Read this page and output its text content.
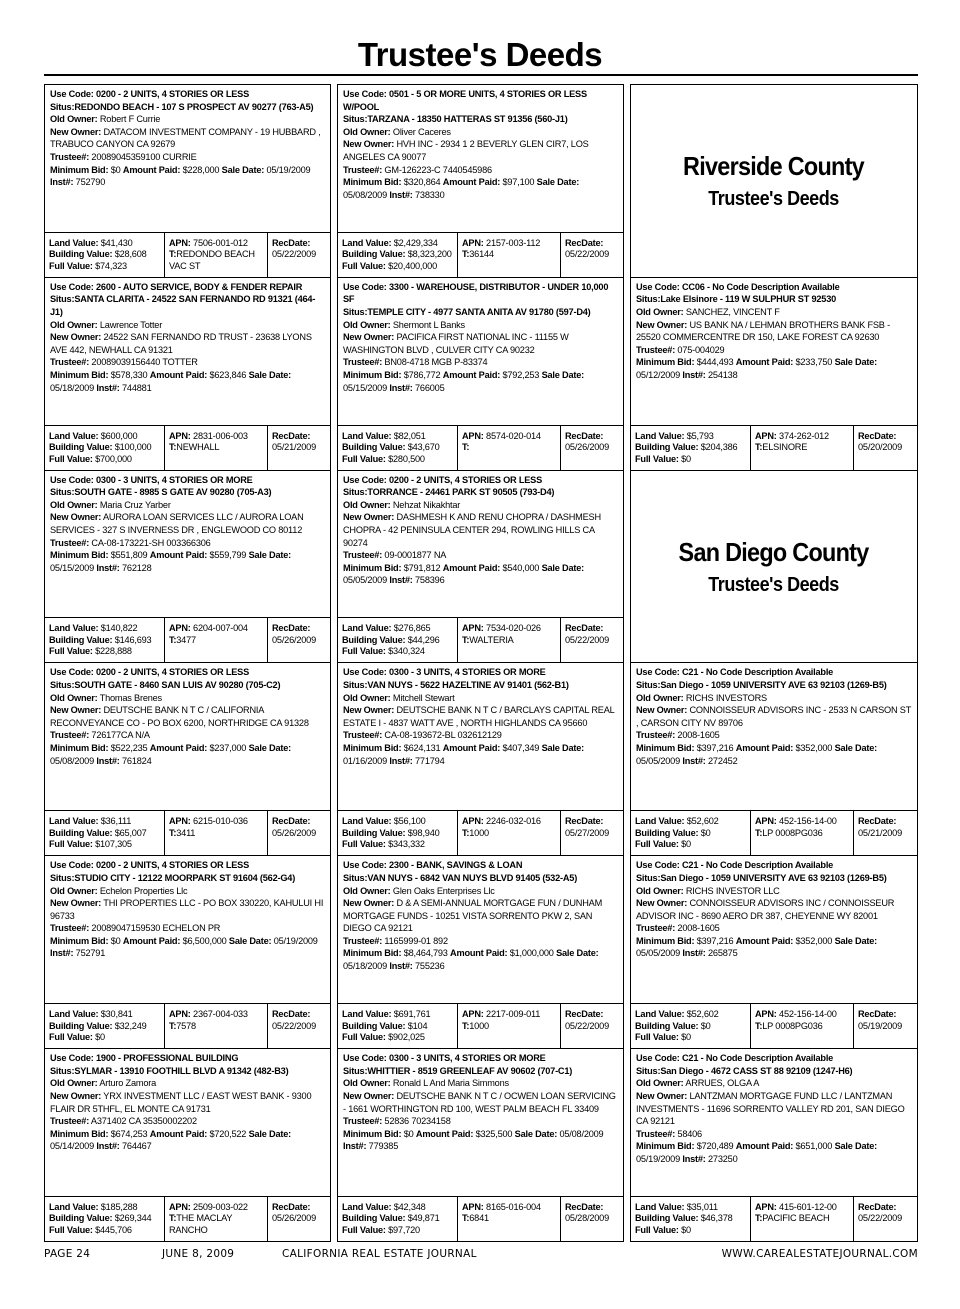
Trustee's Deeds
Use Code: 0200 - 2 UNITS, 4 STORIES OR LESS
Situs:REDONDO BEACH - 107 S PROSPECT AV 90277 (763-A5)
Old Owner: Robert F Currie
New Owner: DATACOM INVESTMENT COMPANY - 19 HUBBARD , TRABUCO CANYON CA 92679
Trustee#: 20089045359100 CURRIE
Minimum Bid: $0 Amount Paid: $228,000 Sale Date: 05/19/2009 Inst#: 752790
Land Value: $41,430
Building Value: $28,608
Full Value: $74,323
APN: 7506-001-012
T:REDONDO BEACH VAC ST
RecDate:
05/22/2009
Use Code: 2600 - AUTO SERVICE, BODY & FENDER REPAIR
Situs:SANTA CLARITA - 24522 SAN FERNANDO RD 91321 (464-J1)
Old Owner: Lawrence Totter
New Owner: 24522 SAN FERNANDO RD TRUST - 23638 LYONS AVE 442, NEWHALL CA 91321
Trustee#: 20089039156440 TOTTER
Minimum Bid: $578,330 Amount Paid: $623,846 Sale Date: 05/18/2009 Inst#: 744881
Land Value: $600,000
Building Value: $100,000
Full Value: $700,000
APN: 2831-006-003
T:NEWHALL
RecDate:
05/21/2009
Use Code: 0300 - 3 UNITS, 4 STORIES OR MORE
Situs:SOUTH GATE - 8985 S GATE AV 90280 (705-A3)
Old Owner: Maria Cruz Yarber
New Owner: AURORA LOAN SERVICES LLC / AURORA LOAN SERVICES - 327 S INVERNESS DR , ENGLEWOOD CO 80112
Trustee#: CA-08-173221-SH 003366306
Minimum Bid: $551,809 Amount Paid: $559,799 Sale Date: 05/15/2009 Inst#: 762128
Land Value: $140,822
Building Value: $146,693
Full Value: $228,888
APN: 6204-007-004
T:3477
RecDate:
05/26/2009
Use Code: 0200 - 2 UNITS, 4 STORIES OR LESS
Situs:SOUTH GATE - 8460 SAN LUIS AV 90280 (705-C2)
Old Owner: Thomas Brenes
New Owner: DEUTSCHE BANK N T C / CALIFORNIA RECONVEYANCE CO - PO BOX 6200, NORTHRIDGE CA 91328
Trustee#: 726177CA N/A
Minimum Bid: $522,235 Amount Paid: $237,000 Sale Date: 05/08/2009 Inst#: 761824
Land Value: $36,111
Building Value: $65,007
Full Value: $107,305
APN: 6215-010-036
T:3411
RecDate:
05/26/2009
Use Code: 0200 - 2 UNITS, 4 STORIES OR LESS
Situs:STUDIO CITY - 12122 MOORPARK ST 91604 (562-G4)
Old Owner: Echelon Properties Llc
New Owner: THI PROPERTIES LLC - PO BOX 330220, KAHULUI HI 96733
Trustee#: 20089047159530 ECHELON PR
Minimum Bid: $0 Amount Paid: $6,500,000 Sale Date: 05/19/2009 Inst#: 752791
Land Value: $30,841
Building Value: $32,249
Full Value: $0
APN: 2367-004-033
T:7578
RecDate:
05/22/2009
Use Code: 1900 - PROFESSIONAL BUILDING
Situs:SYLMAR - 13910 FOOTHILL BLVD A 91342 (482-B3)
Old Owner: Arturo Zamora
New Owner: YRX INVESTMENT LLC / EAST WEST BANK - 9300 FLAIR DR 5THFL, EL MONTE CA 91731
Trustee#: A371402 CA 35350002202
Minimum Bid: $674,253 Amount Paid: $720,522 Sale Date: 05/14/2009 Inst#: 764467
Land Value: $185,288
Building Value: $269,344
Full Value: $445,706
APN: 2509-003-022
T:THE MACLAY RANCHO
RecDate:
05/26/2009
Use Code: 0501 - 5 OR MORE UNITS, 4 STORIES OR LESS W/POOL
Situs:TARZANA - 18350 HATTERAS ST 91356 (560-J1)
Old Owner: Oliver Caceres
New Owner: HVH INC - 2934 1 2 BEVERLY GLEN CIR7, LOS ANGELES CA 90077
Trustee#: GM-126223-C 7440545986
Minimum Bid: $320,864 Amount Paid: $97,100 Sale Date: 05/08/2009 Inst#: 738330
Land Value: $2,429,334
Building Value: $8,323,200
Full Value: $20,400,000
APN: 2157-003-112
T:36144
RecDate:
05/22/2009
Use Code: 3300 - WAREHOUSE, DISTRIBUTOR - UNDER 10,000 SF
Situs:TEMPLE CITY - 4977 SANTA ANITA AV 91780 (597-D4)
Old Owner: Shermont L Banks
New Owner: PACIFICA FIRST NATIONAL INC - 11155 W WASHINGTON BLVD , CULVER CITY CA 90232
Trustee#: BN08-4718 MGB P-83374
Minimum Bid: $786,772 Amount Paid: $792,253 Sale Date: 05/15/2009 Inst#: 766005
Land Value: $82,051
Building Value: $43,670
Full Value: $280,500
APN: 8574-020-014
T:
RecDate:
05/26/2009
Use Code: 0200 - 2 UNITS, 4 STORIES OR LESS
Situs:TORRANCE - 24461 PARK ST 90505 (793-D4)
Old Owner: Nehzat Nikakhtar
New Owner: DASHMESH K AND RENU CHOPRA / DASHMESH CHOPRA - 42 PENINSULA CENTER 294, ROWLING HILLS CA 90274
Trustee#: 09-0001877 NA
Minimum Bid: $791,812 Amount Paid: $540,000 Sale Date: 05/05/2009 Inst#: 758396
Land Value: $276,865
Building Value: $44,296
Full Value: $340,324
APN: 7534-020-026
T:WALTERIA
RecDate:
05/22/2009
Use Code: 0300 - 3 UNITS, 4 STORIES OR MORE
Situs:VAN NUYS - 5622 HAZELTINE AV 91401 (562-B1)
Old Owner: Mitchell Stewart
New Owner: DEUTSCHE BANK N T C / BARCLAYS CAPITAL REAL ESTATE I - 4837 WATT AVE , NORTH HIGHLANDS CA 95660
Trustee#: CA-08-193672-BL 032612129
Minimum Bid: $624,131 Amount Paid: $407,349 Sale Date: 01/16/2009 Inst#: 771794
Land Value: $56,100
Building Value: $98,940
Full Value: $343,332
APN: 2246-032-016
T:1000
RecDate:
05/27/2009
Use Code: 2300 - BANK, SAVINGS & LOAN
Situs:VAN NUYS - 6842 VAN NUYS BLVD 91405 (532-A5)
Old Owner: Glen Oaks Enterprises Llc
New Owner: D & A SEMI-ANNUAL MORTGAGE FUN / DUNHAM MORTGAGE FUNDS - 10251 VISTA SORRENTO PKW 2, SAN DIEGO CA 92121
Trustee#: 1165999-01 892
Minimum Bid: $8,464,793 Amount Paid: $1,000,000 Sale Date: 05/18/2009 Inst#: 755236
Land Value: $691,761
Building Value: $104
Full Value: $902,025
APN: 2217-009-011
T:1000
RecDate:
05/22/2009
Use Code: 0300 - 3 UNITS, 4 STORIES OR MORE
Situs:WHITTIER - 8519 GREENLEAF AV 90602 (707-C1)
Old Owner: Ronald L And Maria Simmons
New Owner: DEUTSCHE BANK N T C / OCWEN LOAN SERVICING - 1661 WORTHINGTON RD 100, WEST PALM BEACH FL 33409
Trustee#: 52836 70234158
Minimum Bid: $0 Amount Paid: $325,500 Sale Date: 05/08/2009 Inst#: 779385
Land Value: $42,348
Building Value: $49,871
Full Value: $97,720
APN: 8165-016-004
T:6841
RecDate:
05/28/2009
Riverside County
Trustee's Deeds
Use Code: CC06 - No Code Description Available
Situs:Lake Elsinore - 119 W SULPHUR ST 92530
Old Owner: SANCHEZ, VINCENT F
New Owner: US BANK NA / LEHMAN BROTHERS BANK FSB - 25520 COMMERCENTRE DR 150, LAKE FOREST CA 92630
Trustee#: 075-004029
Minimum Bid: $444,493 Amount Paid: $233,750 Sale Date: 05/12/2009 Inst#: 254138
Land Value: $5,793
Building Value: $204,386
Full Value: $0
APN: 374-262-012
T:ELSINORE
RecDate:
05/20/2009
San Diego County
Trustee's Deeds
Use Code: C21 - No Code Description Available
Situs:San Diego - 1059 UNIVERSITY AVE 63 92103 (1269-B5)
Old Owner: RICHS INVESTORS
New Owner: CONNOISSEUR ADVISORS INC - 2533 N CARSON ST , CARSON CITY NV 89706
Trustee#: 2008-1605
Minimum Bid: $397,216 Amount Paid: $352,000 Sale Date: 05/05/2009 Inst#: 272452
Land Value: $52,602
Building Value: $0
Full Value: $0
APN: 452-156-14-00
T:LP 0008PG036
RecDate:
05/21/2009
Use Code: C21 - No Code Description Available
Situs:San Diego - 1059 UNIVERSITY AVE 63 92103 (1269-B5)
Old Owner: RICHS INVESTOR LLC
New Owner: CONNOISSEUR ADVISORS INC / CONNOISSEUR ADVISOR INC - 8690 AERO DR 387, CHEYENNE WY 82001
Trustee#: 2008-1605
Minimum Bid: $397,216 Amount Paid: $352,000 Sale Date: 05/05/2009 Inst#: 265875
Land Value: $52,602
Building Value: $0
Full Value: $0
APN: 452-156-14-00
T:LP 0008PG036
RecDate:
05/19/2009
Use Code: C21 - No Code Description Available
Situs:San Diego - 4672 CASS ST 88 92109 (1247-H6)
Old Owner: ARRUES, OLGA A
New Owner: LANTZMAN MORTGAGE FUND LLC / LANTZMAN INVESTMENTS - 11696 SORRENTO VALLEY RD 201, SAN DIEGO CA 92121
Trustee#: 58406
Minimum Bid: $720,489 Amount Paid: $651,000 Sale Date: 05/19/2009 Inst#: 273250
Land Value: $35,011
Building Value: $46,378
Full Value: $0
APN: 415-601-12-00
T:PACIFIC BEACH
RecDate:
05/22/2009
PAGE 24	JUNE 8, 2009	CALIFORNIA REAL ESTATE JOURNAL	WWW.CAREALESTATEJOURNAL.COM
